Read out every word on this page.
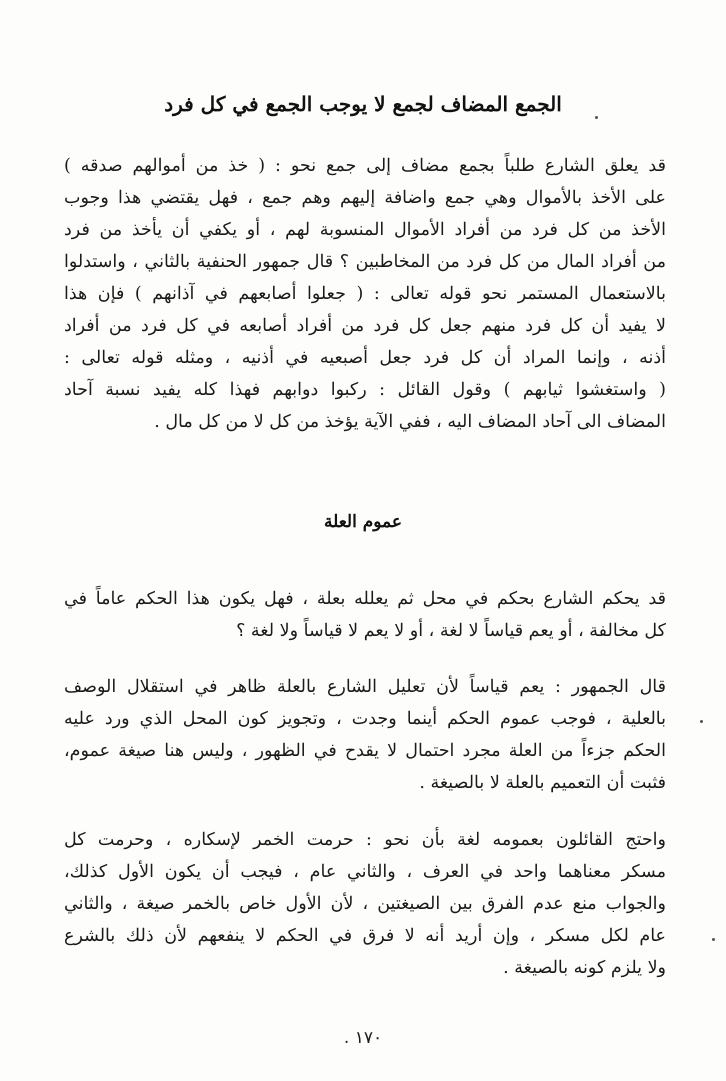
الجمع المضاف لجمع لا يوجب الجمع في كل فرد

قد يعلق الشارع طلباً بجمع مضاف إلى جمع نحو : ( خذ من أموالهم صدقه )
على الأخذ بالأموال وهي جمع واضافة إليهم وهم جمع ، فهل يقتضي هذا وجوب
الأخذ من كل فرد من أفراد الأموال المنسوبة لهم ، أو يكفي أن يأخذ من فرد
من أفراد المال من كل فرد من المخاطبين ؟ قال جمهور الحنفية بالثاني ، واستدلوا
بالاستعمال المستمر نحو قوله تعالى : ( جعلوا أصابعهم في آذانهم ) فإن هذا
لا يفيد أن كل فرد منهم جعل كل فرد من أفراد أصابعه في كل فرد من أفراد
أذنه ، وإنما المراد أن كل فرد جعل أصبعيه في أذنيه ، ومثله قوله تعالى :
( واستغشوا ثيابهم ) وقول القائل : ركبوا دوابهم فهذا كله يفيد نسبة آحاد
المضاف الى آحاد المضاف اليه ، ففي الآية يؤخذ من كل لا من كل مال .

عموم العلة

قد يحكم الشارع بحكم في محل ثم يعلله بعلة ، فهل يكون هذا الحكم عاماً في
كل مخالفة ، أو يعم قياساً لا لغة ، أو لا يعم لا قياساً ولا لغة ؟

قال الجمهور : يعم قياساً لأن تعليل الشارع بالعلة ظاهر في استقلال الوصف
بالعلية ، فوجب عموم الحكم أينما وجدت ، وتجويز كون المحل الذي ورد عليه
الحكم جزءاً من العلة مجرد احتمال لا يقدح في الظهور ، وليس هنا صيغة عموم،
فثبت أن التعميم بالعلة لا بالصيغة .

واحتج القائلون بعمومه لغة بأن نحو : حرمت الخمر لإسكاره ، وحرمت كل
مسكر معناهما واحد في العرف ، والثاني عام ، فيجب أن يكون الأول كذلك،
والجواب منع عدم الفرق بين الصيغتين ، لأن الأول خاص بالخمر صيغة ، والثاني
عام لكل مسكر ، وإن أريد أنه لا فرق في الحكم لا ينفعهم لأن ذلك بالشرع
ولا يلزم كونه بالصيغة .

١٧٠ .
